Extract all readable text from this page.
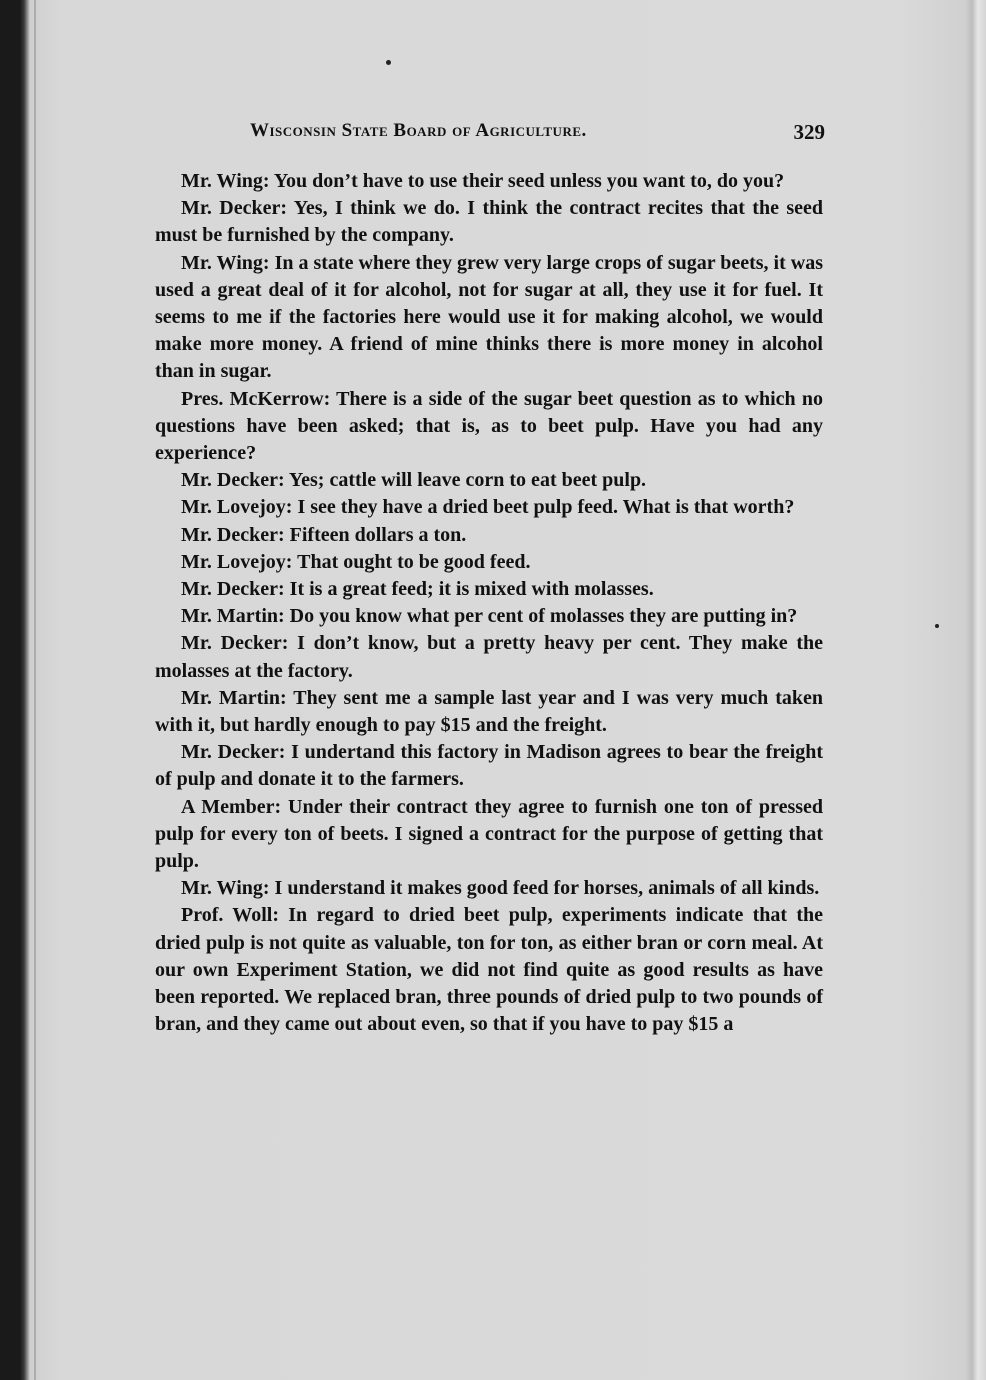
Wisconsin State Board of Agriculture.	329

Mr. Wing: You don’t have to use their seed unless you want to, do you?

Mr. Decker: Yes, I think we do. I think the contract recites that the seed must be furnished by the company.

Mr. Wing: In a state where they grew very large crops of sugar beets, it was used a great deal of it for alcohol, not for sugar at all, they use it for fuel. It seems to me if the factories here would use it for making alcohol, we would make more money. A friend of mine thinks there is more money in alcohol than in sugar.

Pres. McKerrow: There is a side of the sugar beet question as to which no questions have been asked; that is, as to beet pulp. Have you had any experience?

Mr. Decker: Yes; cattle will leave corn to eat beet pulp.

Mr. Lovejoy: I see they have a dried beet pulp feed. What is that worth?

Mr. Decker: Fifteen dollars a ton.

Mr. Lovejoy: That ought to be good feed.

Mr. Decker: It is a great feed; it is mixed with molasses.

Mr. Martin: Do you know what per cent of molasses they are putting in?

Mr. Decker: I don’t know, but a pretty heavy per cent. They make the molasses at the factory.

Mr. Martin: They sent me a sample last year and I was very much taken with it, but hardly enough to pay $15 and the freight.

Mr. Decker: I undertand this factory in Madison agrees to bear the freight of pulp and donate it to the farmers.

A Member: Under their contract they agree to furnish one ton of pressed pulp for every ton of beets. I signed a contract for the purpose of getting that pulp.

Mr. Wing: I understand it makes good feed for horses, animals of all kinds.

Prof. Woll: In regard to dried beet pulp, experiments indicate that the dried pulp is not quite as valuable, ton for ton, as either bran or corn meal. At our own Experiment Station, we did not find quite as good results as have been reported. We replaced bran, three pounds of dried pulp to two pounds of bran, and they came out about even, so that if you have to pay $15 a
